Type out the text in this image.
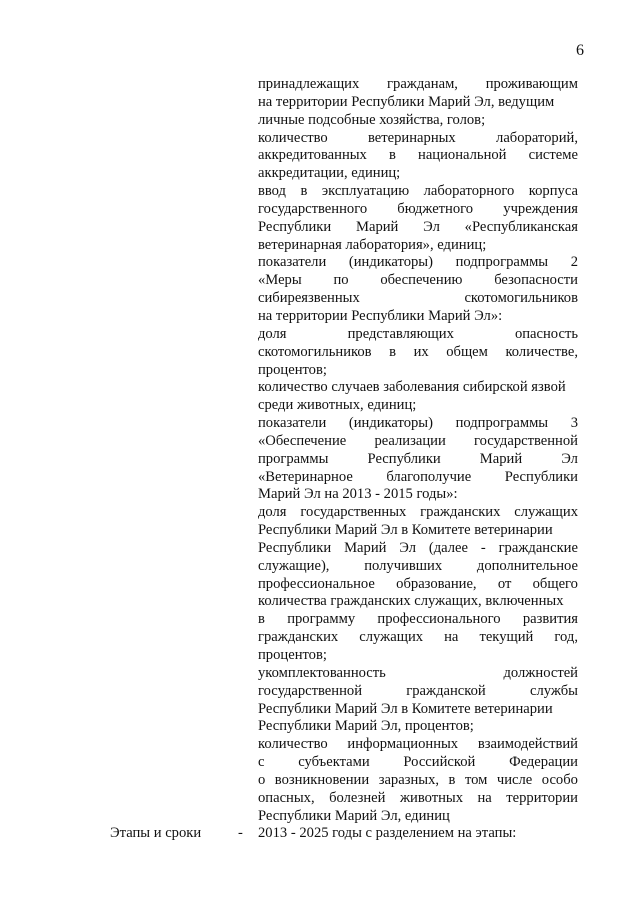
6
принадлежащих гражданам, проживающим
на территории Республики Марий Эл, ведущим
личные подсобные хозяйства, голов;
количество	ветеринарных	лабораторий,
аккредитованных в национальной системе
аккредитации, единиц;
ввод в эксплуатацию лабораторного корпуса
государственного бюджетного учреждения
Республики Марий Эл «Республиканская
ветеринарная лаборатория», единиц;
показатели (индикаторы) подпрограммы 2
«Меры по обеспечению безопасности
сибиреязвенных	скотомогильников
на территории Республики Марий Эл»:
доля	представляющих	опасность
скотомогильников в их общем количестве,
процентов;
количество случаев заболевания сибирской язвой
среди животных, единиц;
показатели (индикаторы) подпрограммы 3
«Обеспечение реализации государственной
программы	Республики	Марий	Эл
«Ветеринарное благополучие Республики
Марий Эл на 2013 - 2015 годы»:
доля государственных гражданских служащих
Республики Марий Эл в Комитете ветеринарии
Республики Марий Эл (далее - гражданские
служащие), получивших дополнительное
профессиональное образование, от общего
количества гражданских служащих, включенных
в программу профессионального развития
гражданских служащих на текущий год,
процентов;
укомплектованность	должностей
государственной	гражданской	службы
Республики Марий Эл в Комитете ветеринарии
Республики Марий Эл, процентов;
количество информационных взаимодействий
с субъектами Российской Федерации
о возникновении заразных, в том числе особо
опасных, болезней животных на территории
Республики Марий Эл, единиц
Этапы и сроки	- 2013 - 2025 годы с разделением на этапы:
